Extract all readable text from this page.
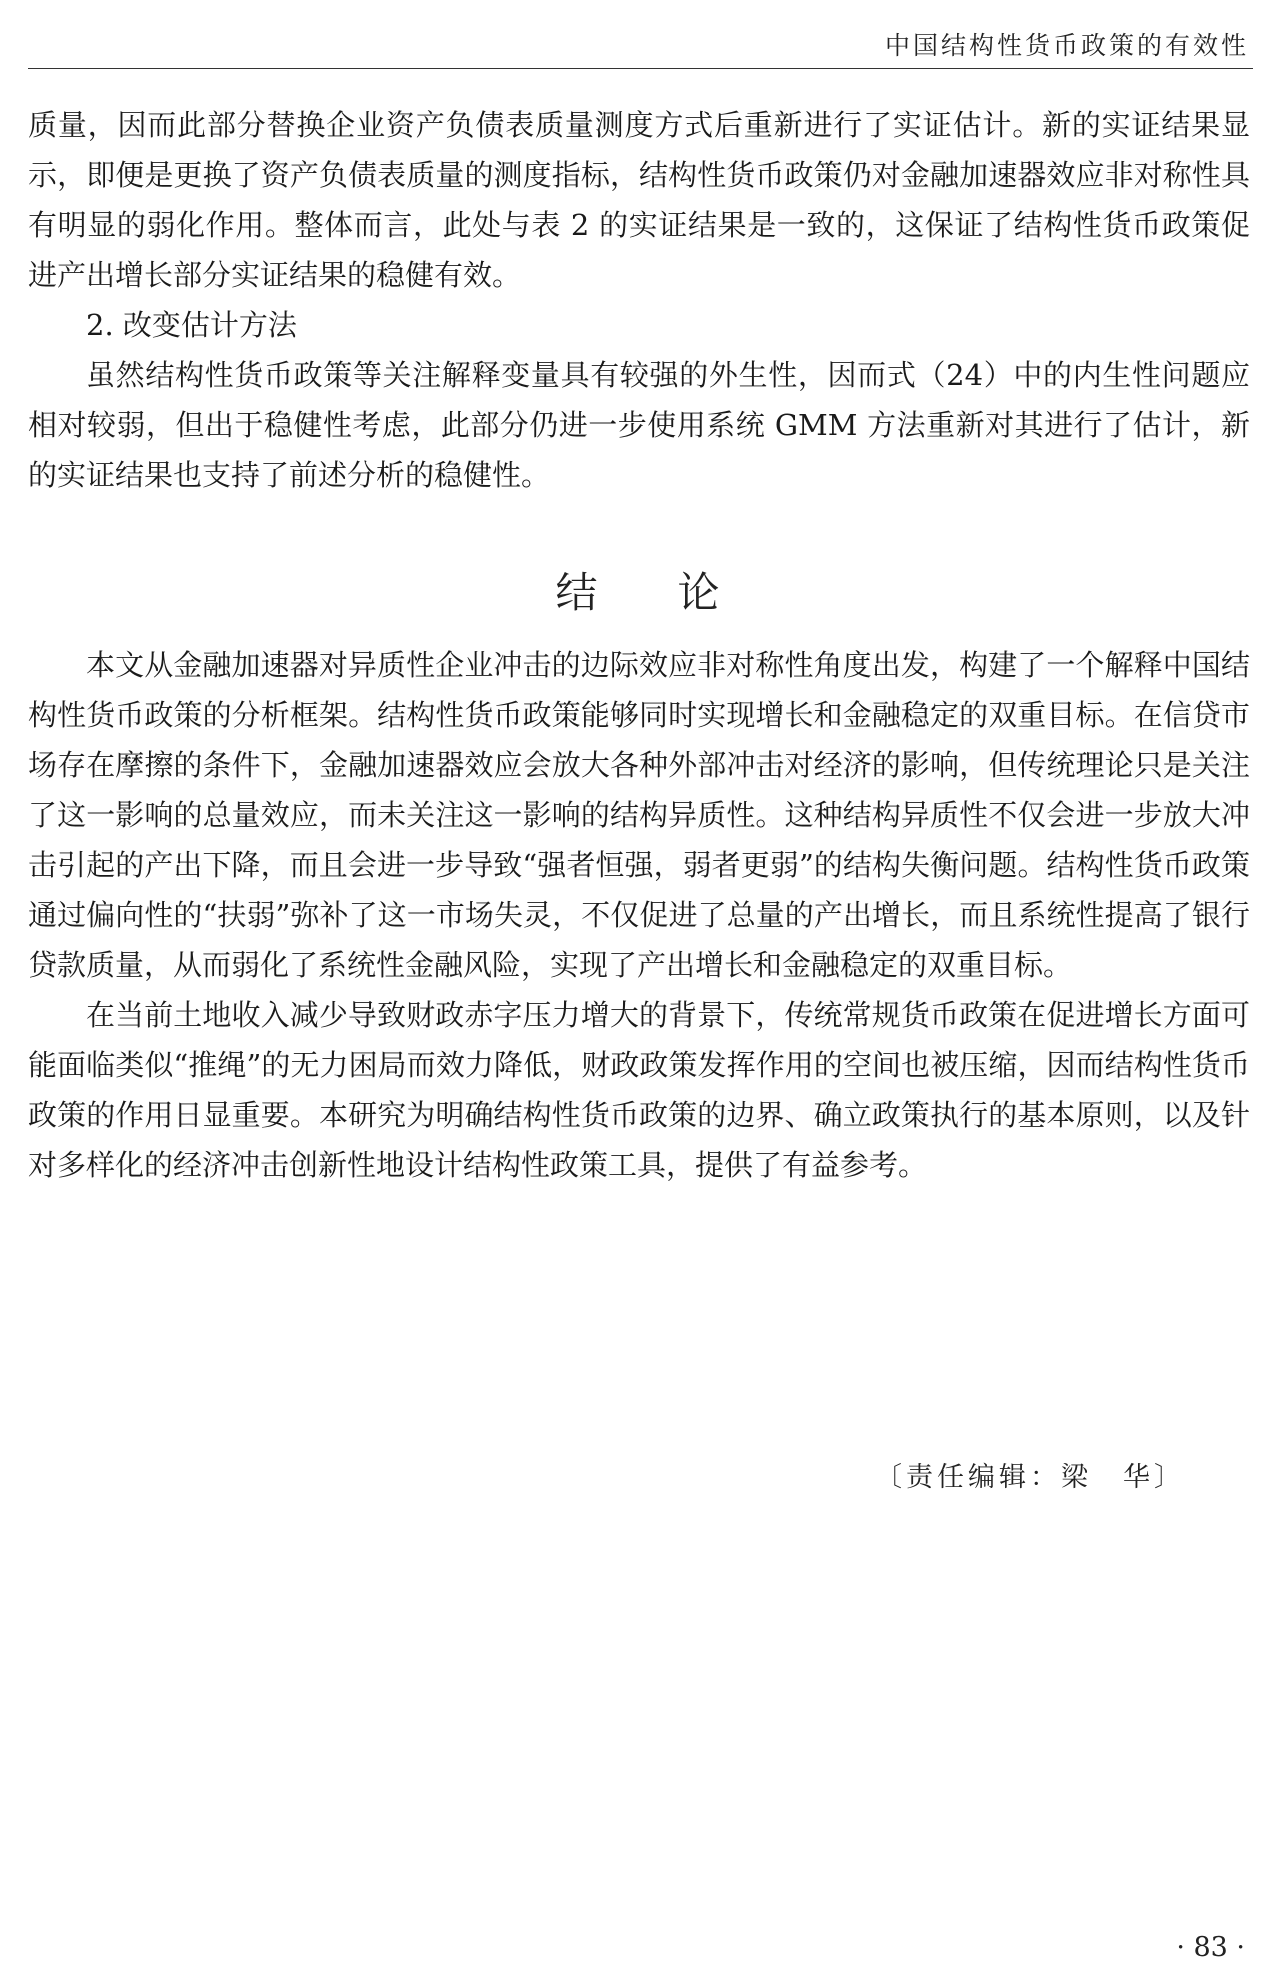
中国结构性货币政策的有效性

质量，因而此部分替换企业资产负债表质量测度方式后重新进行了实证估计。新的实证结果显示，即便是更换了资产负债表质量的测度指标，结构性货币政策仍对金融加速器效应非对称性具有明显的弱化作用。整体而言，此处与表 2 的实证结果是一致的，这保证了结构性货币政策促进产出增长部分实证结果的稳健有效。

2. 改变估计方法

虽然结构性货币政策等关注解释变量具有较强的外生性，因而式（24）中的内生性问题应相对较弱，但出于稳健性考虑，此部分仍进一步使用系统 GMM 方法重新对其进行了估计，新的实证结果也支持了前述分析的稳健性。

结论

本文从金融加速器对异质性企业冲击的边际效应非对称性角度出发，构建了一个解释中国结构性货币政策的分析框架。结构性货币政策能够同时实现增长和金融稳定的双重目标。在信贷市场存在摩擦的条件下，金融加速器效应会放大各种外部冲击对经济的影响，但传统理论只是关注了这一影响的总量效应，而未关注这一影响的结构异质性。这种结构异质性不仅会进一步放大冲击引起的产出下降，而且会进一步导致“强者恒强，弱者更弱”的结构失衡问题。结构性货币政策通过偏向性的“扶弱”弥补了这一市场失灵，不仅促进了总量的产出增长，而且系统性提高了银行贷款质量，从而弱化了系统性金融风险，实现了产出增长和金融稳定的双重目标。

在当前土地收入减少导致财政赤字压力增大的背景下，传统常规货币政策在促进增长方面可能面临类似“推绳”的无力困局而效力降低，财政政策发挥作用的空间也被压缩，因而结构性货币政策的作用日显重要。本研究为明确结构性货币政策的边界、确立政策执行的基本原则，以及针对多样化的经济冲击创新性地设计结构性政策工具，提供了有益参考。

〔责任编辑：梁　华〕
· 83 ·
